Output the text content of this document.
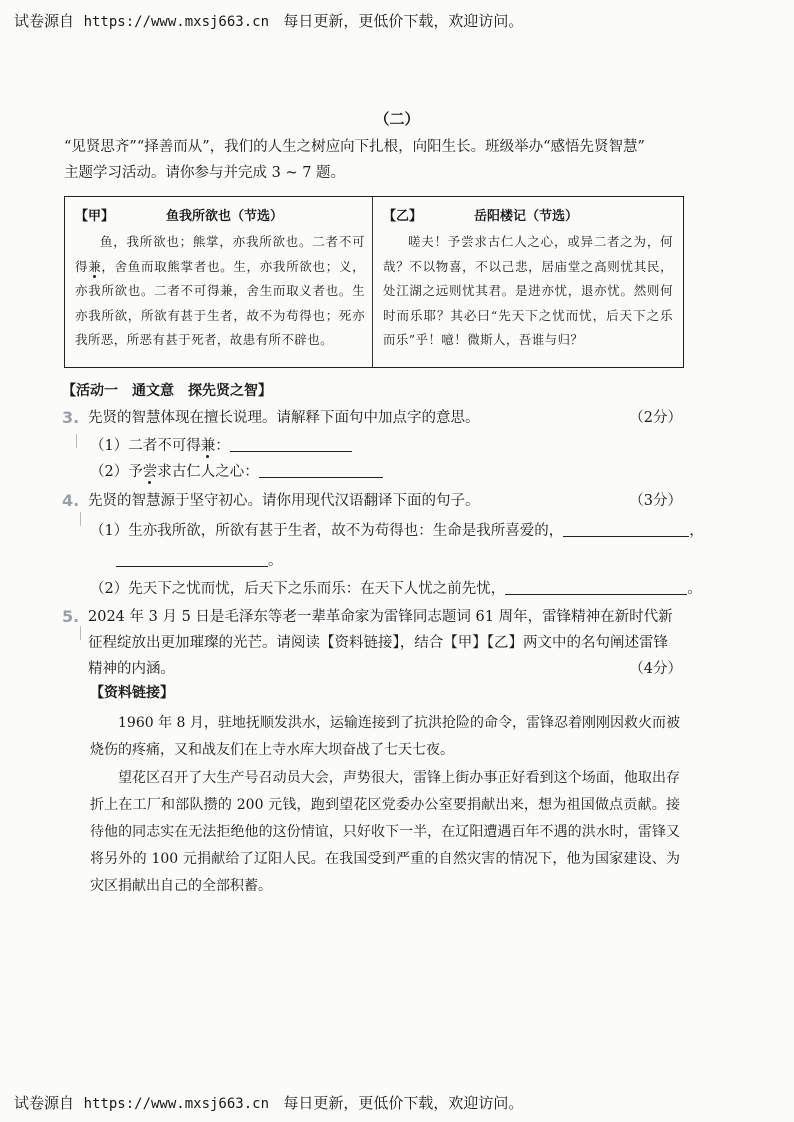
试卷源自 https://www.mxsj663.cn 每日更新，更低价下载，欢迎访问。
（二）
“见贤思齐”“择善而从”，我们的人生之树应向下扎根，向阳生长。班级举办“感悟先贤智慧”
主题学习活动。请你参与并完成 3 ~ 7 题。
【甲】	鱼我所欲也（节选）
鱼，我所欲也；熊掌，亦我所欲也。二者不可得兼，舍鱼而取熊掌者也。生，亦我所欲也；义，亦我所欲也。二者不可得兼，舍生而取义者也。生亦我所欲，所欲有甚于生者，故不为苟得也；死亦我所恶，所恶有甚于死者，故患有所不辟也。
【乙】	岳阳楼记（节选）
嗟夫！予尝求古仁人之心，或异二者之为，何哉？不以物喜，不以己悲，居庙堂之高则忧其民，处江湖之远则忧其君。是进亦忧，退亦忧。然则何时而乐耶？其必曰“先天下之忧而忧，后天下之乐而乐”乎！噫！微斯人，吾谁与归？
【活动一　通文意　探先贤之智】
3. 先贤的智慧体现在擅长说理。请解释下面句中加点字的意思。	（2分）
（1）二者不可得兼：
（2）予尝求古仁人之心：
4. 先贤的智慧源于坚守初心。请你用现代汉语翻译下面的句子。	（3分）
（1）生亦我所欲，所欲有甚于生者，故不为苟得也：生命是我所喜爱的，	，
。
（2）先天下之忧而忧，后天下之乐而乐：在天下人忧之前先忧，	。
5. 2024 年 3 月 5 日是毛泽东等老一辈革命家为雷锋同志题词 61 周年，雷锋精神在新时代新
征程绽放出更加璀璨的光芒。请阅读【资料链接】，结合【甲】【乙】两文中的名句阐述雷锋
精神的内涵。	（4分）
【资料链接】
1960 年 8 月，驻地抚顺发洪水，运输连接到了抗洪抢险的命令，雷锋忍着刚刚因救火而被烧伤的疼痛，又和战友们在上寺水库大坝奋战了七天七夜。
望花区召开了大生产号召动员大会，声势很大，雷锋上街办事正好看到这个场面，他取出存折上在工厂和部队攒的 200 元钱，跑到望花区党委办公室要捐献出来，想为祖国做点贡献。接待他的同志实在无法拒绝他的这份情谊，只好收下一半，在辽阳遭遇百年不遇的洪水时，雷锋又将另外的 100 元捐献给了辽阳人民。在我国受到严重的自然灾害的情况下，他为国家建设、为灾区捐献出自己的全部积蓄。
试卷源自 https://www.mxsj663.cn 每日更新，更低价下载，欢迎访问。
